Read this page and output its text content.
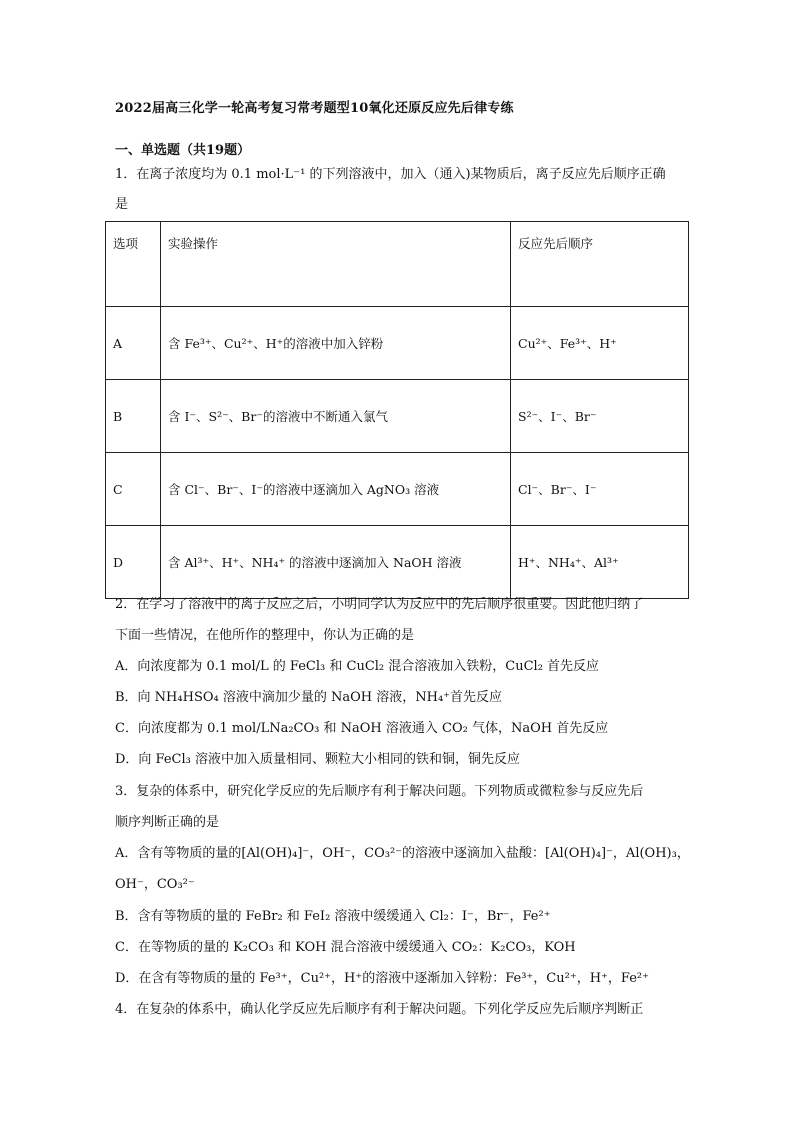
2022届高三化学一轮高考复习常考题型10氧化还原反应先后律专练
一、单选题（共19题）
1．在离子浓度均为 0.1 mol·L⁻¹ 的下列溶液中，加入（通入)某物质后，离子反应先后顺序正确
是
选项	实验操作	反应先后顺序
A	含 Fe³⁺、Cu²⁺、H⁺的溶液中加入锌粉	Cu²⁺、Fe³⁺、H⁺
B	含 I⁻、S²⁻、Br⁻的溶液中不断通入氯气	S²⁻、I⁻、Br⁻
C	含 Cl⁻、Br⁻、I⁻的溶液中逐滴加入 AgNO₃ 溶液	Cl⁻、Br⁻、I⁻
D	含 Al³⁺、H⁺、NH₄⁺ 的溶液中逐滴加入 NaOH 溶液	H⁺、NH₄⁺、Al³⁺
2．在学习了溶液中的离子反应之后，小明同学认为反应中的先后顺序很重要。因此他归纳了
下面一些情况，在他所作的整理中，你认为正确的是
A．向浓度都为 0.1 mol/L 的 FeCl₃ 和 CuCl₂ 混合溶液加入铁粉，CuCl₂ 首先反应
B．向 NH₄HSO₄ 溶液中滴加少量的 NaOH 溶液，NH₄⁺首先反应
C．向浓度都为 0.1 mol/LNa₂CO₃ 和 NaOH 溶液通入 CO₂ 气体，NaOH 首先反应
D．向 FeCl₃ 溶液中加入质量相同、颗粒大小相同的铁和铜，铜先反应
3．复杂的体系中，研究化学反应的先后顺序有利于解决问题。下列物质或微粒参与反应先后
顺序判断正确的是
A．含有等物质的量的[Al(OH)₄]⁻，OH⁻，CO₃²⁻的溶液中逐滴加入盐酸：[Al(OH)₄]⁻，Al(OH)₃，
OH⁻，CO₃²⁻
B．含有等物质的量的 FeBr₂ 和 FeI₂ 溶液中缓缓通入 Cl₂：I⁻，Br⁻，Fe²⁺
C．在等物质的量的 K₂CO₃ 和 KOH 混合溶液中缓缓通入 CO₂：K₂CO₃，KOH
D．在含有等物质的量的 Fe³⁺，Cu²⁺，H⁺的溶液中逐渐加入锌粉：Fe³⁺，Cu²⁺，H⁺，Fe²⁺
4．在复杂的体系中，确认化学反应先后顺序有利于解决问题。下列化学反应先后顺序判断正
